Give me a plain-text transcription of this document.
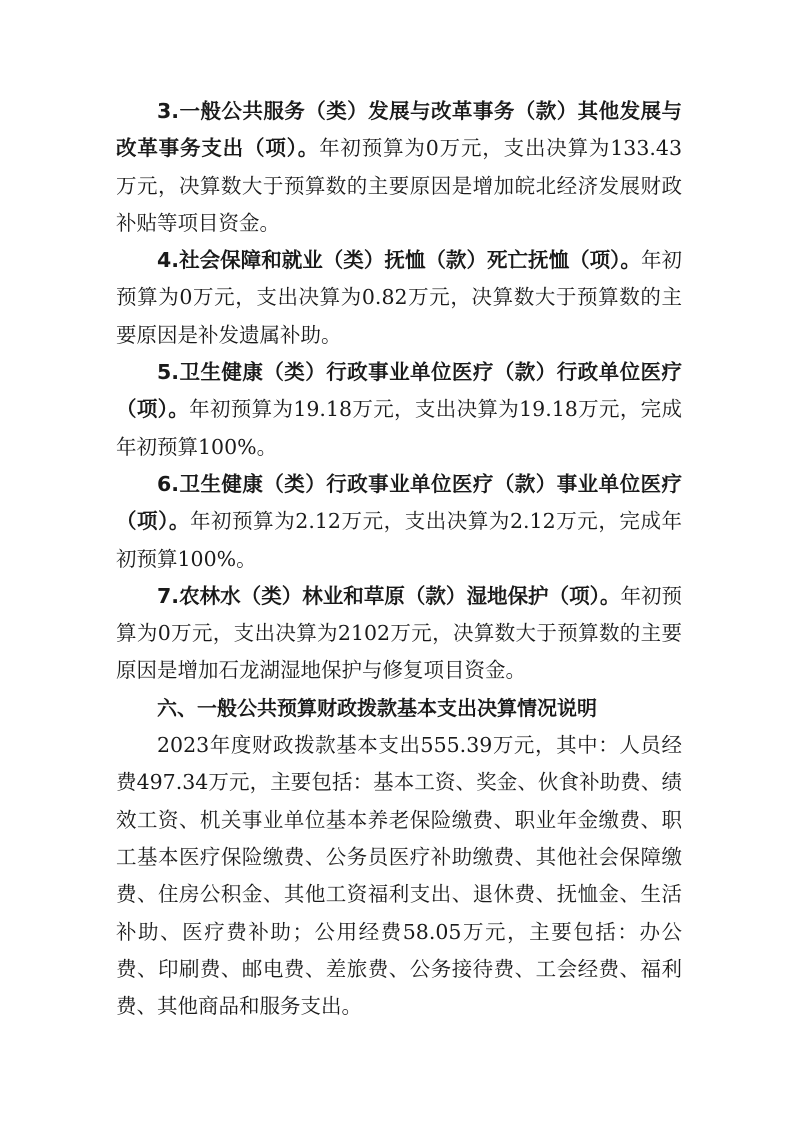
3.一般公共服务（类）发展与改革事务（款）其他发展与改革事务支出（项）。年初预算为0万元，支出决算为133.43万元，决算数大于预算数的主要原因是增加皖北经济发展财政补贴等项目资金。

4.社会保障和就业（类）抚恤（款）死亡抚恤（项）。年初预算为0万元，支出决算为0.82万元，决算数大于预算数的主要原因是补发遗属补助。

5.卫生健康（类）行政事业单位医疗（款）行政单位医疗（项）。年初预算为19.18万元，支出决算为19.18万元，完成年初预算100%。

6.卫生健康（类）行政事业单位医疗（款）事业单位医疗（项）。年初预算为2.12万元，支出决算为2.12万元，完成年初预算100%。

7.农林水（类）林业和草原（款）湿地保护（项）。年初预算为0万元，支出决算为2102万元，决算数大于预算数的主要原因是增加石龙湖湿地保护与修复项目资金。

六、一般公共预算财政拨款基本支出决算情况说明

2023年度财政拨款基本支出555.39万元，其中：人员经费497.34万元，主要包括：基本工资、奖金、伙食补助费、绩效工资、机关事业单位基本养老保险缴费、职业年金缴费、职工基本医疗保险缴费、公务员医疗补助缴费、其他社会保障缴费、住房公积金、其他工资福利支出、退休费、抚恤金、生活补助、医疗费补助；公用经费58.05万元，主要包括：办公费、印刷费、邮电费、差旅费、公务接待费、工会经费、福利费、其他商品和服务支出。
